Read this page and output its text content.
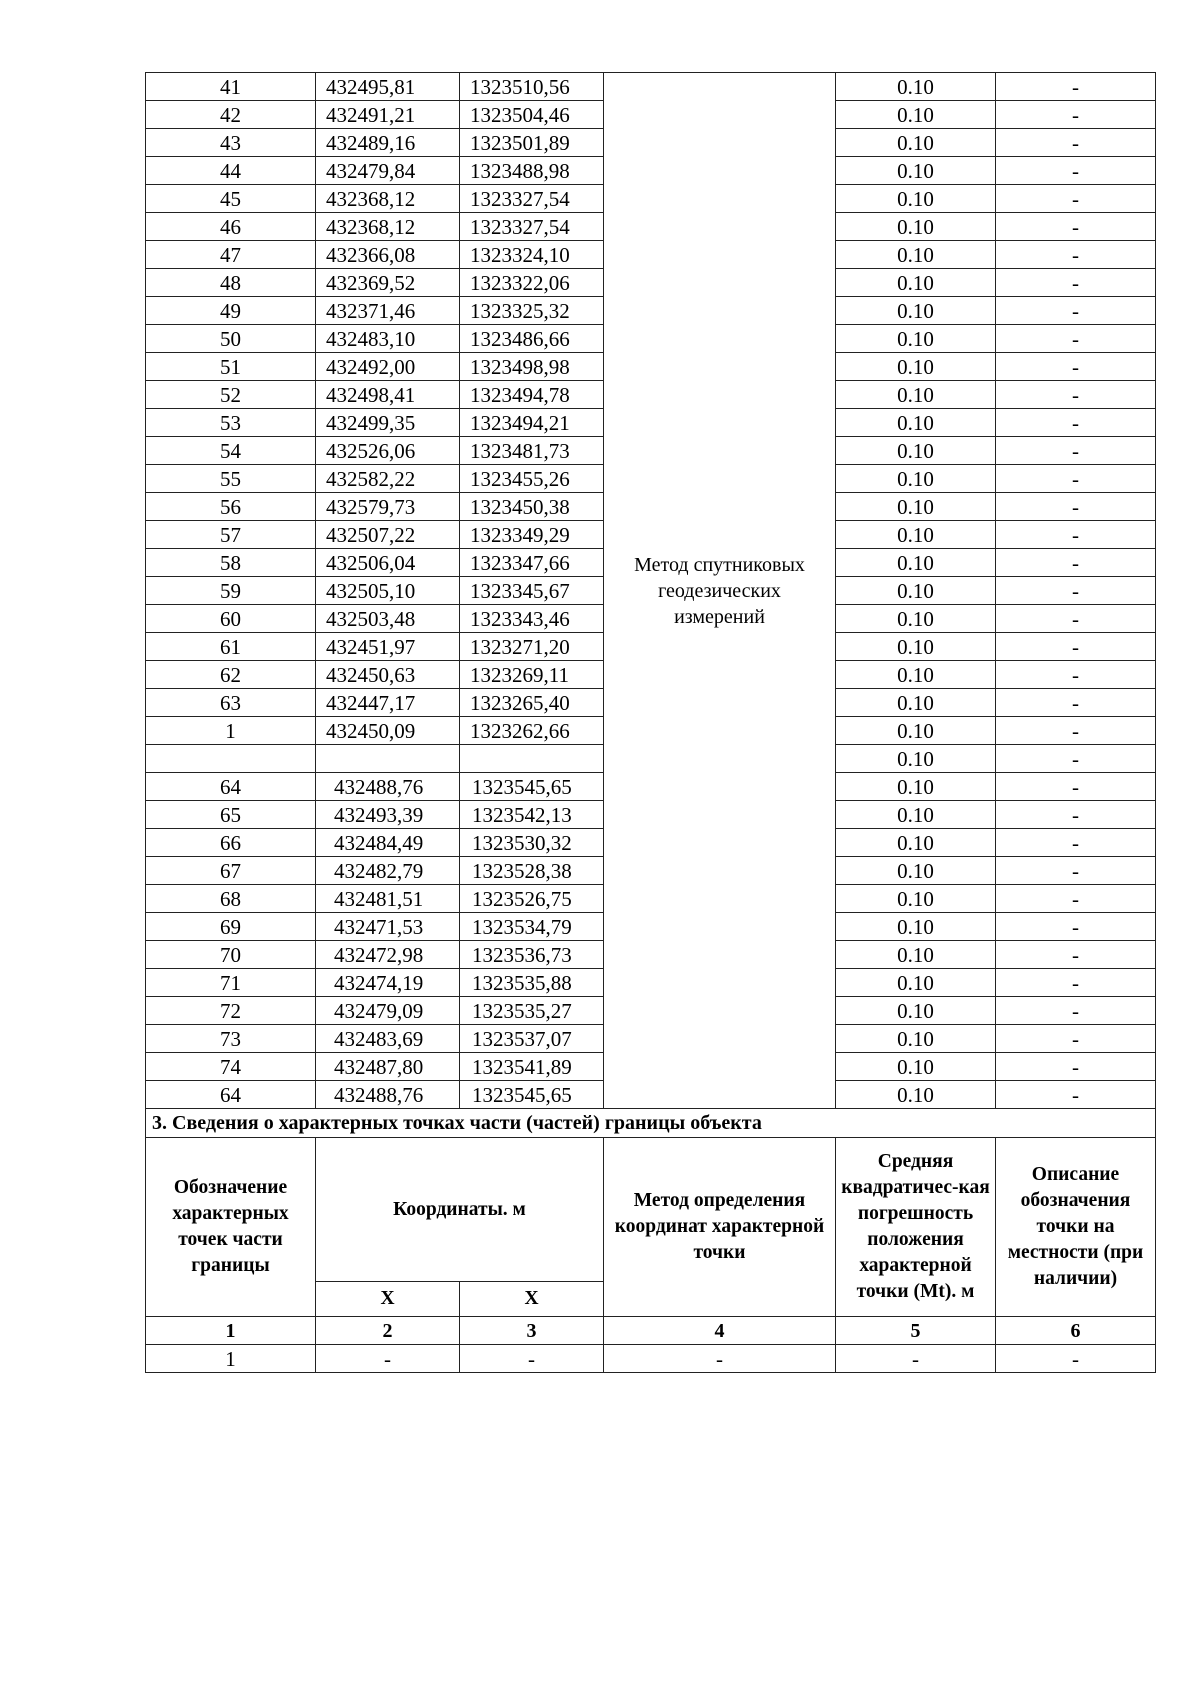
41	432495,81	1323510,56	Метод спутниковых геодезических измерений	0.10	-
42	432491,21	1323504,46		0.10	-
43	432489,16	1323501,89		0.10	-
44	432479,84	1323488,98		0.10	-
45	432368,12	1323327,54		0.10	-
46	432368,12	1323327,54		0.10	-
47	432366,08	1323324,10		0.10	-
48	432369,52	1323322,06		0.10	-
49	432371,46	1323325,32		0.10	-
50	432483,10	1323486,66		0.10	-
51	432492,00	1323498,98		0.10	-
52	432498,41	1323494,78		0.10	-
53	432499,35	1323494,21		0.10	-
54	432526,06	1323481,73		0.10	-
55	432582,22	1323455,26		0.10	-
56	432579,73	1323450,38		0.10	-
57	432507,22	1323349,29		0.10	-
58	432506,04	1323347,66		0.10	-
59	432505,10	1323345,67		0.10	-
60	432503,48	1323343,46		0.10	-
61	432451,97	1323271,20		0.10	-
62	432450,63	1323269,11		0.10	-
63	432447,17	1323265,40		0.10	-
1	432450,09	1323262,66		0.10	-
				0.10	-
64	432488,76	1323545,65		0.10	-
65	432493,39	1323542,13		0.10	-
66	432484,49	1323530,32		0.10	-
67	432482,79	1323528,38		0.10	-
68	432481,51	1323526,75		0.10	-
69	432471,53	1323534,79		0.10	-
70	432472,98	1323536,73		0.10	-
71	432474,19	1323535,88		0.10	-
72	432479,09	1323535,27		0.10	-
73	432483,69	1323537,07		0.10	-
74	432487,80	1323541,89		0.10	-
64	432488,76	1323545,65		0.10	-
3. Сведения о характерных точках части (частей) границы объекта					
Обозначение характерных точек части границы	Координаты. м		Метод определения координат характерной точки	Средняя квадратичес-кая погрешность положения характерной точки (Mt). м	Описание обозначения точки на местности (при наличии)
	X	X			
1	2	3	4	5	6
1	-	-	-	-	-
